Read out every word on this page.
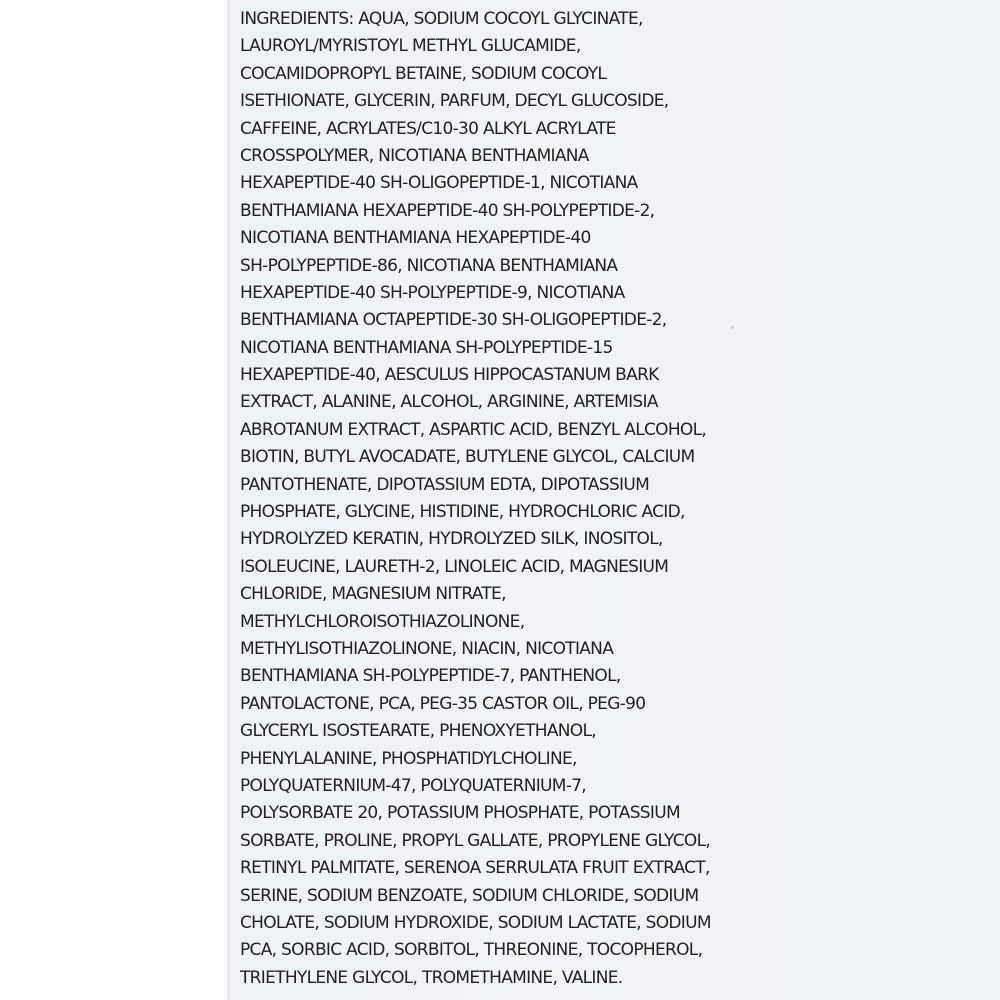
INGREDIENTS: AQUA, SODIUM COCOYL GLYCINATE,
LAUROYL/MYRISTOYL METHYL GLUCAMIDE,
COCAMIDOPROPYL BETAINE, SODIUM COCOYL
ISETHIONATE, GLYCERIN, PARFUM, DECYL GLUCOSIDE,
CAFFEINE, ACRYLATES/C10-30 ALKYL ACRYLATE
CROSSPOLYMER, NICOTIANA BENTHAMIANA
HEXAPEPTIDE-40 SH-OLIGOPEPTIDE-1, NICOTIANA
BENTHAMIANA HEXAPEPTIDE-40 SH-POLYPEPTIDE-2,
NICOTIANA BENTHAMIANA HEXAPEPTIDE-40
SH-POLYPEPTIDE-86, NICOTIANA BENTHAMIANA
HEXAPEPTIDE-40 SH-POLYPEPTIDE-9, NICOTIANA
BENTHAMIANA OCTAPEPTIDE-30 SH-OLIGOPEPTIDE-2,
NICOTIANA BENTHAMIANA SH-POLYPEPTIDE-15
HEXAPEPTIDE-40, AESCULUS HIPPOCASTANUM BARK
EXTRACT, ALANINE, ALCOHOL, ARGININE, ARTEMISIA
ABROTANUM EXTRACT, ASPARTIC ACID, BENZYL ALCOHOL,
BIOTIN, BUTYL AVOCADATE, BUTYLENE GLYCOL, CALCIUM
PANTOTHENATE, DIPOTASSIUM EDTA, DIPOTASSIUM
PHOSPHATE, GLYCINE, HISTIDINE, HYDROCHLORIC ACID,
HYDROLYZED KERATIN, HYDROLYZED SILK, INOSITOL,
ISOLEUCINE, LAURETH-2, LINOLEIC ACID, MAGNESIUM
CHLORIDE, MAGNESIUM NITRATE,
METHYLCHLOROISOTHIAZOLINONE,
METHYLISOTHIAZOLINONE, NIACIN, NICOTIANA
BENTHAMIANA SH-POLYPEPTIDE-7, PANTHENOL,
PANTOLACTONE, PCA, PEG-35 CASTOR OIL, PEG-90
GLYCERYL ISOSTEARATE, PHENOXYETHANOL,
PHENYLALANINE, PHOSPHATIDYLCHOLINE,
POLYQUATERNIUM-47, POLYQUATERNIUM-7,
POLYSORBATE 20, POTASSIUM PHOSPHATE, POTASSIUM
SORBATE, PROLINE, PROPYL GALLATE, PROPYLENE GLYCOL,
RETINYL PALMITATE, SERENOA SERRULATA FRUIT EXTRACT,
SERINE, SODIUM BENZOATE, SODIUM CHLORIDE, SODIUM
CHOLATE, SODIUM HYDROXIDE, SODIUM LACTATE, SODIUM
PCA, SORBIC ACID, SORBITOL, THREONINE, TOCOPHEROL,
TRIETHYLENE GLYCOL, TROMETHAMINE, VALINE.
